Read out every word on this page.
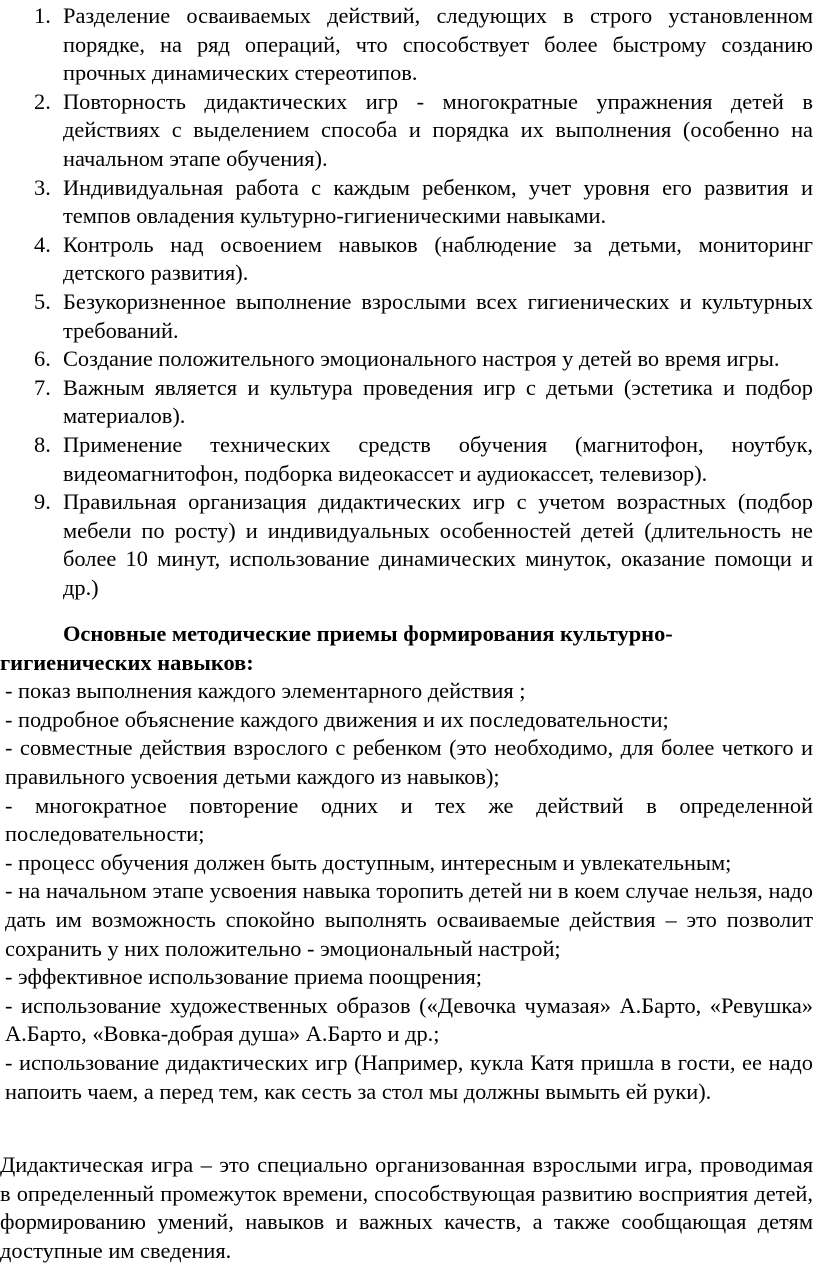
1. Разделение осваиваемых действий, следующих в строго установленном порядке, на ряд операций, что способствует более быстрому созданию прочных динамических стереотипов.
2. Повторность дидактических игр - многократные упражнения детей в действиях с выделением способа и порядка их выполнения (особенно на начальном этапе обучения).
3. Индивидуальная работа с каждым ребенком, учет уровня его развития и темпов овладения культурно-гигиеническими навыками.
4. Контроль над освоением навыков (наблюдение за детьми, мониторинг детского развития).
5. Безукоризненное выполнение взрослыми всех гигиенических и культурных требований.
6. Создание положительного эмоционального настроя у детей во время игры.
7. Важным является и культура проведения игр с детьми (эстетика и подбор материалов).
8. Применение технических средств обучения (магнитофон, ноутбук, видеомагнитофон, подборка видеокассет и аудиокассет, телевизор).
9. Правильная организация дидактических игр с учетом возрастных (подбор мебели по росту) и индивидуальных особенностей детей (длительность не более 10 минут, использование динамических минуток, оказание помощи и др.)

Основные методические приемы формирования культурно-
гигиенических навыков:

- показ выполнения каждого элементарного действия ;

- подробное объяснение каждого движения и их последовательности;

- совместные действия взрослого с ребенком (это необходимо, для более четкого и правильного усвоения детьми каждого из навыков);

- многократное повторение одних и тех же действий в определенной последовательности;

- процесс обучения должен быть доступным, интересным и увлекательным;

- на начальном этапе усвоения навыка торопить детей ни в коем случае нельзя, надо дать им возможность спокойно выполнять осваиваемые действия – это позволит сохранить у них положительно - эмоциональный настрой;

- эффективное использование приема поощрения;

- использование художественных образов («Девочка чумазая» А.Барто, «Ревушка» А.Барто, «Вовка-добрая душа» А.Барто и др.;

- использование дидактических игр (Например, кукла Катя пришла в гости, ее надо напоить чаем, а перед тем, как сесть за стол мы должны вымыть ей руки).

Дидактическая игра – это специально организованная взрослыми игра, проводимая в определенный промежуток времени, способствующая развитию восприятия детей, формированию умений, навыков и важных качеств, а также сообщающая детям доступные им сведения.
